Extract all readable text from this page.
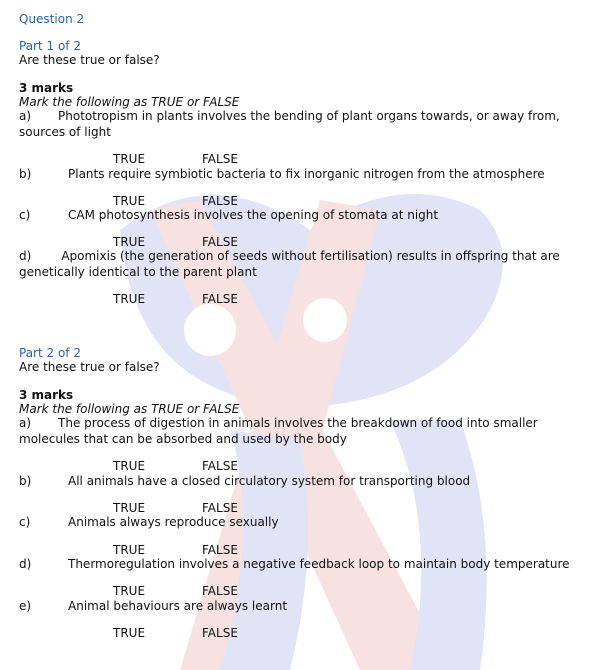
Question 2
Part 1 of 2
Are these true or false?
3 marks
Mark the following as TRUE or FALSE
a) Phototropism in plants involves the bending of plant organs towards, or away from, sources of light
TRUE	FALSE
b)	Plants require symbiotic bacteria to fix inorganic nitrogen from the atmosphere
TRUE	FALSE
c)	CAM photosynthesis involves the opening of stomata at night
TRUE	FALSE
d)	Apomixis (the generation of seeds without fertilisation) results in offspring that are genetically identical to the parent plant
TRUE	FALSE
Part 2 of 2
Are these true or false?
3 marks
Mark the following as TRUE or FALSE
a) The process of digestion in animals involves the breakdown of food into smaller molecules that can be absorbed and used by the body
TRUE	FALSE
b)	All animals have a closed circulatory system for transporting blood
TRUE	FALSE
c)	Animals always reproduce sexually
TRUE	FALSE
d)	Thermoregulation involves a negative feedback loop to maintain body temperature
TRUE	FALSE
e)	Animal behaviours are always learnt
TRUE	FALSE
